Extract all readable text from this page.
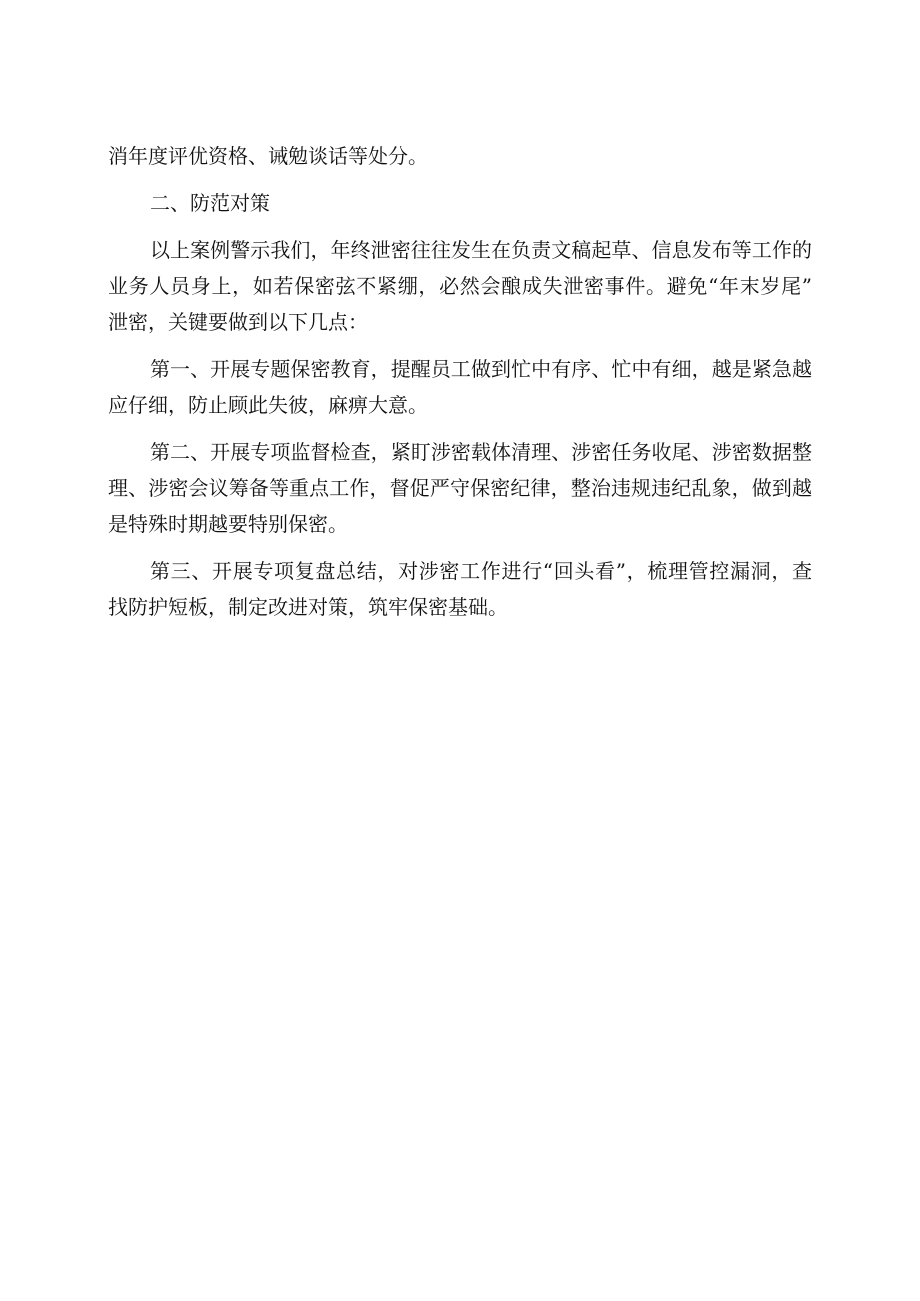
消年度评优资格、诫勉谈话等处分。

二、防范对策

以上案例警示我们，年终泄密往往发生在负责文稿起草、信息发布等工作的
业务人员身上，如若保密弦不紧绷，必然会酿成失泄密事件。避免“年末岁尾”
泄密，关键要做到以下几点：

第一、开展专题保密教育，提醒员工做到忙中有序、忙中有细，越是紧急越
应仔细，防止顾此失彼，麻痹大意。

第二、开展专项监督检查，紧盯涉密载体清理、涉密任务收尾、涉密数据整
理、涉密会议筹备等重点工作，督促严守保密纪律，整治违规违纪乱象，做到越
是特殊时期越要特别保密。

第三、开展专项复盘总结，对涉密工作进行“回头看”，梳理管控漏洞，查
找防护短板，制定改进对策，筑牢保密基础。
